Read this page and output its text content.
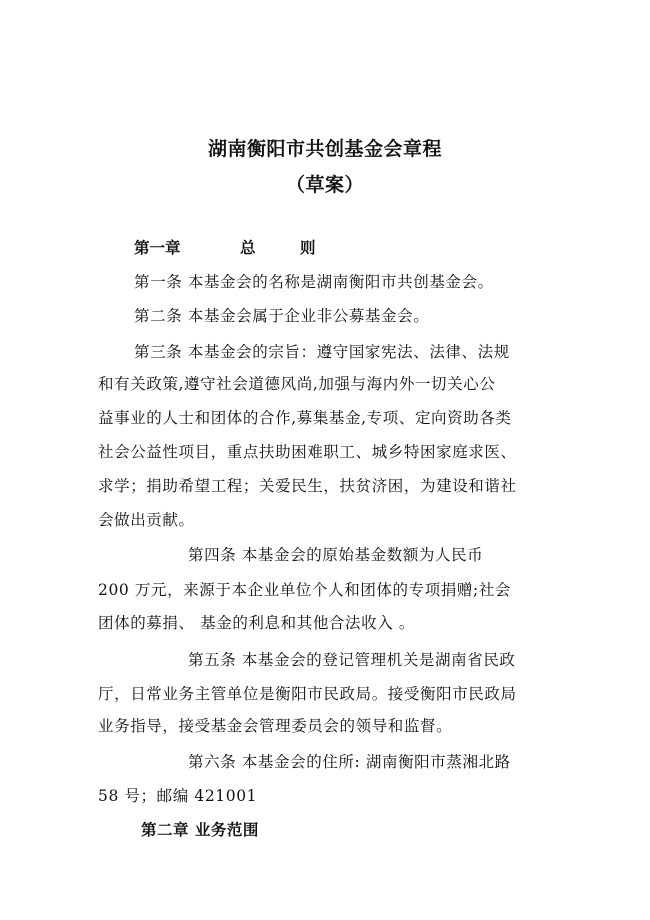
湖南衡阳市共创基金会章程
（草案）
第一章	总	则
第一条 本基金会的名称是湖南衡阳市共创基金会。
第二条 本基金会属于企业非公募基金会。
第三条 本基金会的宗旨：遵守国家宪法、法律、法规
和有关政策,遵守社会道德风尚,加强与海内外一切关心公
益事业的人士和团体的合作,募集基金,专项、定向资助各类
社会公益性项目，重点扶助困难职工、城乡特困家庭求医、
求学；捐助希望工程；关爱民生，扶贫济困，为建设和谐社
会做出贡献。
第四条 本基金会的原始基金数额为人民币
200 万元，来源于本企业单位个人和团体的专项捐赠;社会
团体的募捐、 基金的利息和其他合法收入 。
第五条 本基金会的登记管理机关是湖南省民政
厅，日常业务主管单位是衡阳市民政局。接受衡阳市民政局
业务指导，接受基金会管理委员会的领导和监督。
第六条 本基金会的住所: 湖南衡阳市蒸湘北路
58 号；邮编 421001
第二章 业务范围
